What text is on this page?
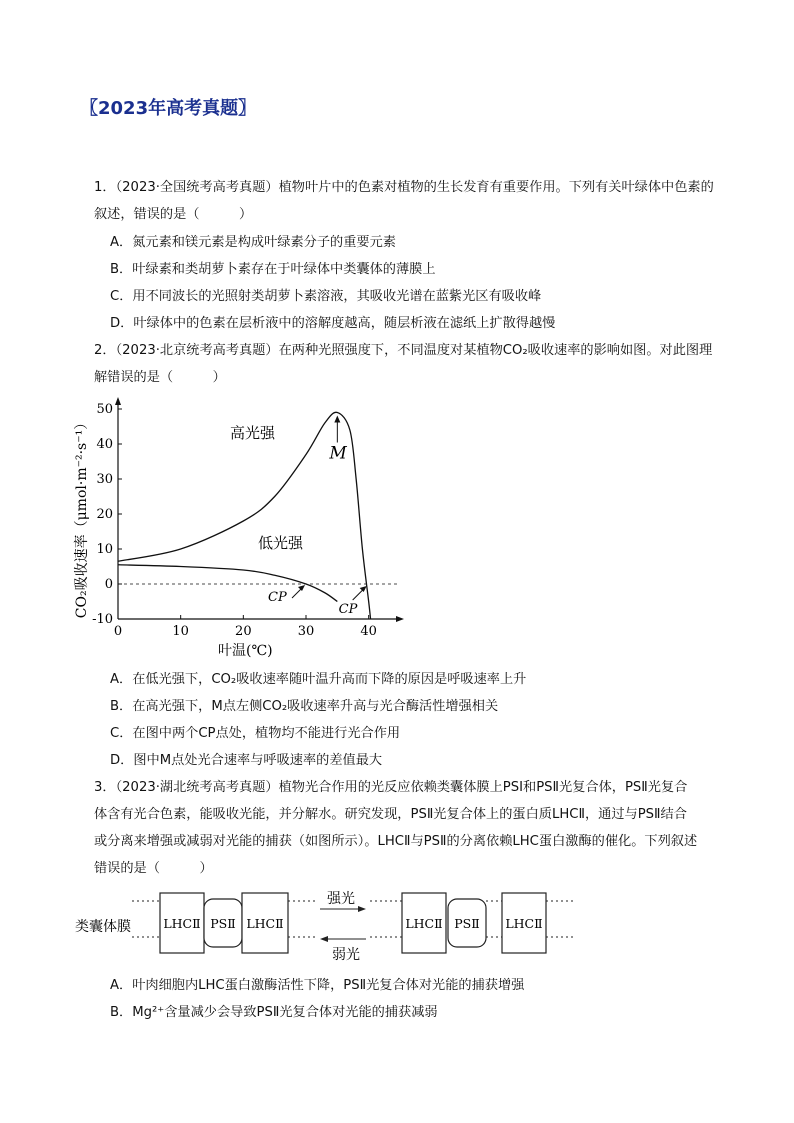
〖2023年高考真题〗
1．（2023·全国统考高考真题）植物叶片中的色素对植物的生长发育有重要作用。下列有关叶绿体中色素的
叙述，错误的是（　　　）
A．氮元素和镁元素是构成叶绿素分子的重要元素
B．叶绿素和类胡萝卜素存在于叶绿体中类囊体的薄膜上
C．用不同波长的光照射类胡萝卜素溶液，其吸收光谱在蓝紫光区有吸收峰
D．叶绿体中的色素在层析液中的溶解度越高，随层析液在滤纸上扩散得越慢
2．（2023·北京统考高考真题）在两种光照强度下，不同温度对某植物CO₂吸收速率的影响如图。对此图理
解错误的是（　　　）
-10
0
10
20
30
40
50
0	10	20	30	40
M
CP
CP
CO₂吸收速率（μmol·m⁻²·s⁻¹）
叶温(℃)
高光强
低光强
A．在低光强下，CO₂吸收速率随叶温升高而下降的原因是呼吸速率上升
B．在高光强下，M点左侧CO₂吸收速率升高与光合酶活性增强相关
C．在图中两个CP点处，植物均不能进行光合作用
D．图中M点处光合速率与呼吸速率的差值最大
3．（2023·湖北统考高考真题）植物光合作用的光反应依赖类囊体膜上PSⅠ和PSⅡ光复合体，PSⅡ光复合
体含有光合色素，能吸收光能，并分解水。研究发现，PSⅡ光复合体上的蛋白质LHCⅡ，通过与PSⅡ结合
或分离来增强或减弱对光能的捕获（如图所示）。LHCⅡ与PSⅡ的分离依赖LHC蛋白激酶的催化。下列叙述
错误的是（　　　）
类囊体膜	LHCⅡ PSⅡ LHCⅡ
强光
弱光
LHCⅡ PSⅡ LHCⅡ
A．叶肉细胞内LHC蛋白激酶活性下降，PSⅡ光复合体对光能的捕获增强
B．Mg²⁺含量减少会导致PSⅡ光复合体对光能的捕获减弱
